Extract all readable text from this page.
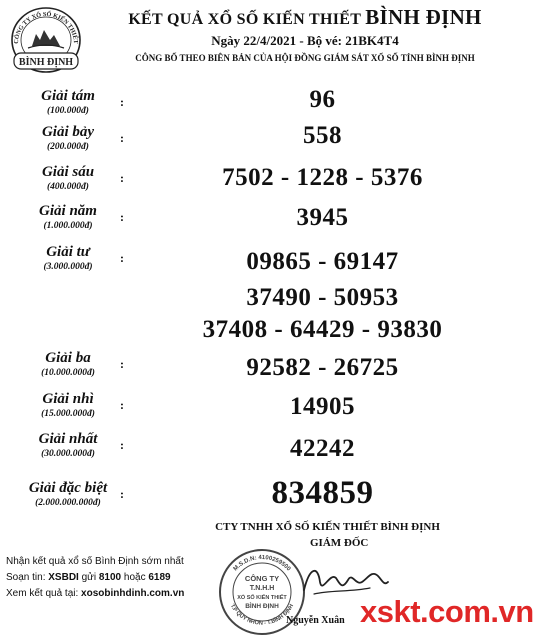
CÔNG TY XỔ SỐ KIẾN THIẾT
BÌNH ĐỊNH
KẾT QUẢ XỔ SỐ KIẾN THIẾT BÌNH ĐỊNH
Ngày 22/4/2021 - Bộ vé: 21BK4T4
CÔNG BỐ THEO BIÊN BẢN CỦA HỘI ĐỒNG GIÁM SÁT XỔ SỐ TỈNH BÌNH ĐỊNH
Giải tám
(100.000đ)
:	96
Giải bảy
(200.000đ)
:	558
Giải sáu
(400.000đ)
:	7502 - 1228 - 5376
Giải năm
(1.000.000đ)
:	3945
Giải tư
(3.000.000đ)
:	09865 - 69147
37490 - 50953
37408 - 64429 - 93830
Giải ba
(10.000.000đ)
:	92582 - 26725
Giải nhì
(15.000.000đ)
:	14905
Giải nhất
(30.000.000đ)
:	42242
Giải đặc biệt
(2.000.000.000đ)
:	834859
CTY TNHH XỔ SỐ KIẾN THIẾT BÌNH ĐỊNH
GIÁM ĐỐC
Nhận kết quả xổ số Bình Định sớm nhất
Soạn tin: XSBDI gửi 8100 hoặc 6189
Xem kết quả tại: xosobinhdinh.com.vn
M.S.D.N: 4100259500
T.P QUY NHƠN - T.BÌNH ĐỊNH
CÔNG TY
T.N.H.H
XỔ SỐ KIẾN THIẾT
BÌNH ĐỊNH
Nguyễn Xuân xskt.com.vn
